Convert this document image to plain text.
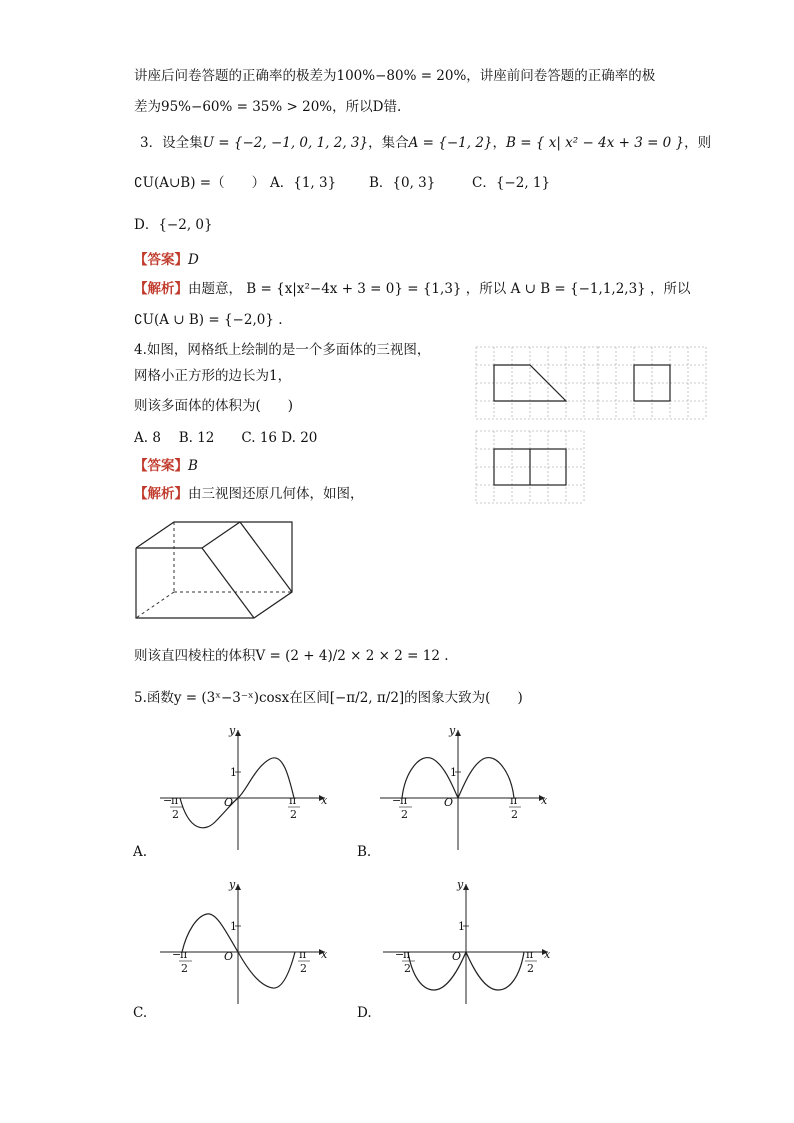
讲座后问卷答题的正确率的极差为100%−80% = 20%，讲座前问卷答题的正确率的极
差为95%−60% = 35% > 20%，所以D错.
3．设全集U = {−2, −1, 0, 1, 2, 3}，集合A = {−1, 2}，B = { x| x² − 4x + 3 = 0 }，则
∁U(A∪B) =（　　） A．{1, 3} B．{0, 3}	C．{−2, 1}
D．{−2, 0}
【答案】D
【解析】由题意， B = {x|x²−4x + 3 = 0} = {1,3} ，所以 A ∪ B = {−1,1,2,3} ，所以
∁U(A ∪ B) = {−2,0} .
4.如图，网格纸上绘制的是一个多面体的三视图，
网格小正方形的边长为1，
则该多面体的体积为(　　)
A. 8　 B. 12　　C. 16 D. 20
【答案】B
【解析】由三视图还原几何体，如图，
则该直四棱柱的体积V = (2 + 4)/2 × 2 × 2 = 12 .
5.函数y = (3ˣ−3⁻ˣ)cosx在区间[−π/2, π/2]的图象大致为(　　)
y
x
O
1
−
π
2
π
2
A.
y
x
O
1
−
π
2
π
2
B.
y
x
O
1
−
π
2
π
2
C.
y
x
O
1
−
π
2
π
2
D.
